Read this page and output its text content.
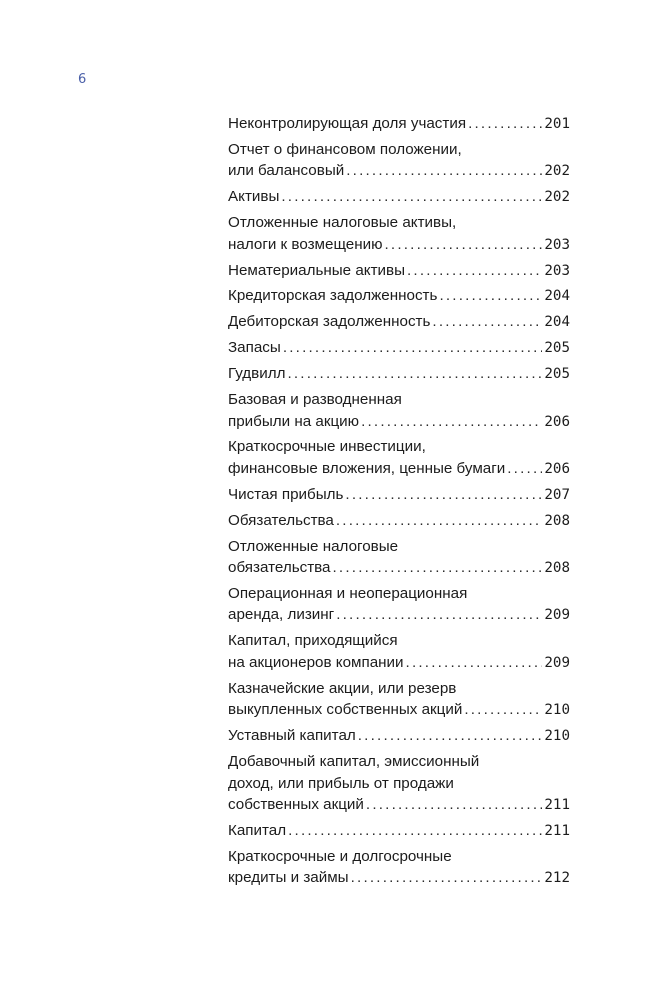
6
Неконтролирующая доля участия .....	201
Отчет о финансовом положении,
или балансовый .....	202
Активы .....	202
Отложенные налоговые активы,
налоги к возмещению .....	203
Нематериальные активы .....	203
Кредиторская задолженность .....	204
Дебиторская задолженность .....	204
Запасы .....	205
Гудвилл .....	205
Базовая и разводненная
прибыли на акцию .....	206
Краткосрочные инвестиции,
финансовые вложения, ценные бумаги .....	206
Чистая прибыль .....	207
Обязательства .....	208
Отложенные налоговые
обязательства .....	208
Операционная и неоперационная
аренда, лизинг .....	209
Капитал, приходящийся
на акционеров компании .....	209
Казначейские акции, или резерв
выкупленных собственных акций .....	210
Уставный капитал .....	210
Добавочный капитал, эмиссионный
доход, или прибыль от продажи
собственных акций .....	211
Капитал .....	211
Краткосрочные и долгосрочные
кредиты и займы .....	212
